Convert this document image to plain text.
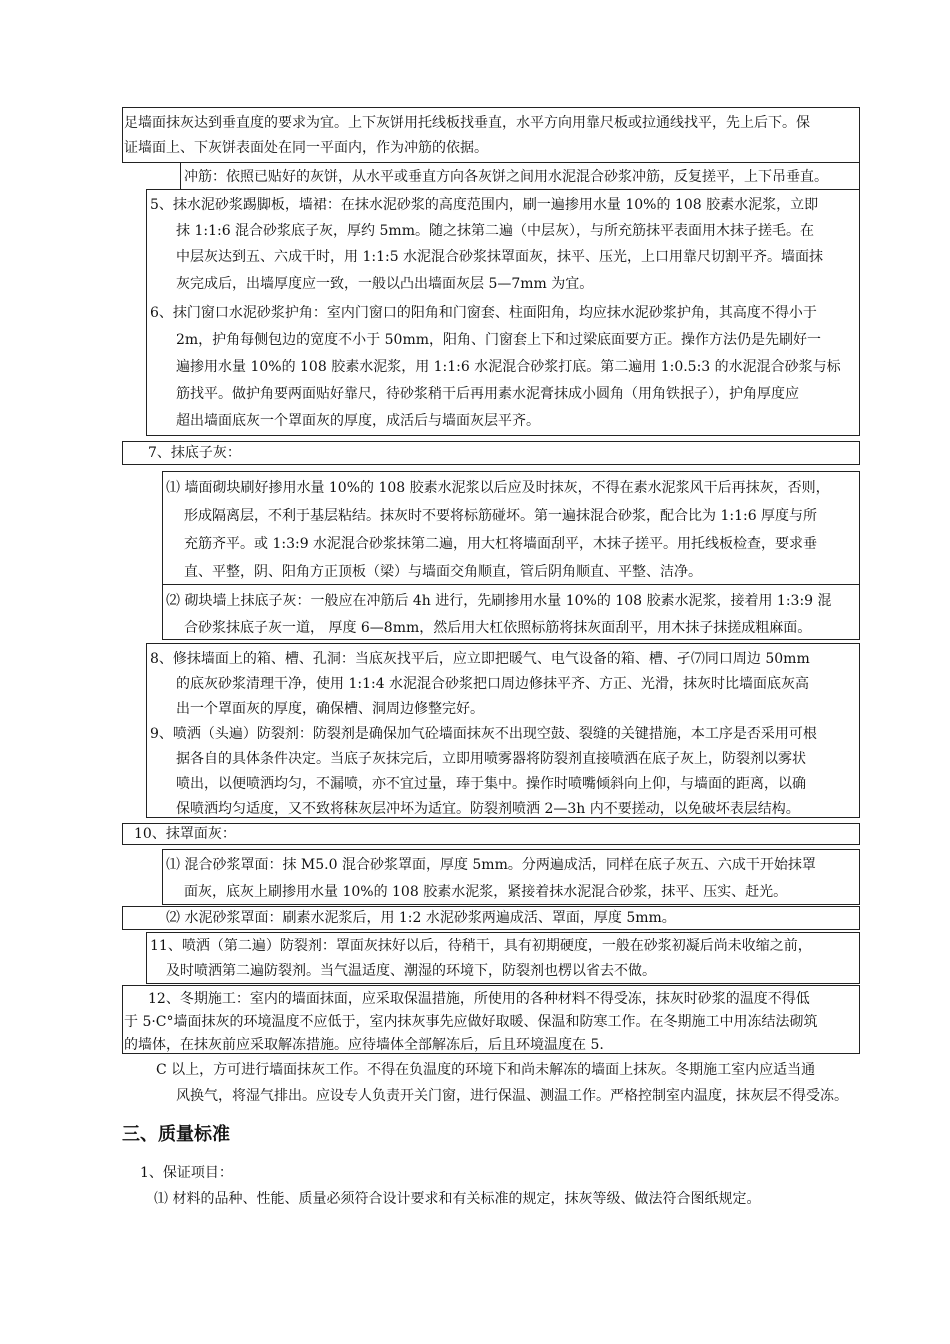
足墙面抹灰达到垂直度的要求为宜。上下灰饼用托线板找垂直，水平方向用靠尺板或拉通线找平，先上后下。保
证墙面上、下灰饼表面处在同一平面内，作为冲筋的依据。
冲筋：依照已贴好的灰饼，从水平或垂直方向各灰饼之间用水泥混合砂浆冲筋，反复搓平，上下吊垂直。
5、抹水泥砂浆踢脚板，墙裙：在抹水泥砂浆的高度范围内，刷一遍掺用水量 10%的 108 胶素水泥浆，立即
抹 1:1:6 混合砂浆底子灰，厚约 5mm。随之抹第二遍（中层灰），与所充筋抹平表面用木抹子搓毛。在
中层灰达到五、六成干时，用 1:1:5 水泥混合砂浆抹罩面灰，抹平、压光，上口用靠尺切割平齐。墙面抹
灰完成后，出墙厚度应一致，一般以凸出墙面灰层 5—7mm 为宜。
6、抹门窗口水泥砂浆护角：室内门窗口的阳角和门窗套、柱面阳角，均应抹水泥砂浆护角，其高度不得小于
2m，护角每侧包边的宽度不小于 50mm，阳角、门窗套上下和过梁底面要方正。操作方法仍是先刷好一
遍掺用水量 10%的 108 胶素水泥浆，用 1:1:6 水泥混合砂浆打底。第二遍用 1:0.5:3 的水泥混合砂浆与标
筋找平。做护角要两面贴好靠尺，待砂浆稍干后再用素水泥膏抹成小圆角（用角铁抿子），护角厚度应
超出墙面底灰一个罩面灰的厚度，成活后与墙面灰层平齐。
7、抹底子灰：
⑴ 墙面砌块刷好掺用水量 10%的 108 胶素水泥浆以后应及时抹灰，不得在素水泥浆风干后再抹灰，否则，
形成隔离层，不利于基层粘结。抹灰时不要将标筋碰坏。第一遍抹混合砂浆，配合比为 1:1:6 厚度与所
充筋齐平。或 1:3:9 水泥混合砂浆抹第二遍，用大杠将墙面刮平，木抹子搓平。用托线板检查，要求垂
直、平整，阴、阳角方正顶板（梁）与墙面交角顺直，管后阴角顺直、平整、洁净。
⑵ 砌块墙上抹底子灰：一般应在冲筋后 4h 进行，先刷掺用水量 10%的 108 胶素水泥浆，接着用 1:3:9 混
合砂浆抹底子灰一道， 厚度 6—8mm，然后用大杠依照标筋将抹灰面刮平，用木抹子抹搓成粗麻面。
8、修抹墙面上的箱、槽、孔洞：当底灰找平后，应立即把暖气、电气设备的箱、槽、孑⑺同口周边 50mm
的底灰砂浆清理干净，使用 1:1:4 水泥混合砂浆把口周边修抹平齐、方正、光滑，抹灰时比墙面底灰高
出一个罩面灰的厚度，确保槽、洞周边修整完好。
9、喷洒（头遍）防裂剂：防裂剂是确保加气砼墙面抹灰不出现空鼓、裂缝的关键措施，本工序是否采用可根
据各自的具体条件决定。当底子灰抹完后，立即用喷雾器将防裂剂直接喷洒在底子灰上，防裂剂以雾状
喷出，以便喷洒均匀，不漏喷，亦不宜过量，琫于集中。操作时喷嘴倾斜向上仰，与墙面的距离，以确
保喷洒均匀适度，又不致将秣灰层冲坏为适宜。防裂剂喷洒 2—3h 内不要搓动，以免破坏表层结构。
10、抹罩面灰：
⑴ 混合砂浆罩面：抹 M5.0 混合砂浆罩面，厚度 5mm。分两遍成活，同样在底子灰五、六成干开始抹罩
面灰，底灰上刷掺用水量 10%的 108 胶素水泥浆，紧接着抹水泥混合砂浆，抹平、压实、赶光。
⑵ 水泥砂浆罩面：刷素水泥浆后，用 1:2 水泥砂浆两遍成活、罩面，厚度 5mm。
11、喷洒（第二遍）防裂剂：罩面灰抹好以后，待稍干，具有初期硬度，一般在砂浆初凝后尚未收缩之前，
及时喷洒第二遍防裂剂。当气温适度、潮湿的环境下，防裂剂也楞以省去不做。
12、冬期施工：室内的墙面抹面，应采取保温措施，所使用的各种材料不得受冻，抹灰时砂浆的温度不得低
于 5·C°墙面抹灰的环境温度不应低于，室内抹灰事先应做好取暖、保温和防寒工作。在冬期施工中用冻结法砌筑
的墙体，在抹灰前应采取解冻措施。应待墙体全部解冻后，后且环境温度在 5.
C 以上，方可进行墙面抹灰工作。不得在负温度的环境下和尚未解冻的墙面上抹灰。冬期施工室内应适当通
风换气，将湿气排出。应设专人负责开关门窗，进行保温、测温工作。严格控制室内温度，抹灰层不得受冻。
三、质量标准
1、保证项目：
⑴ 材料的品种、性能、质量必须符合设计要求和有关标准的规定，抹灰等级、做法符合图纸规定。
